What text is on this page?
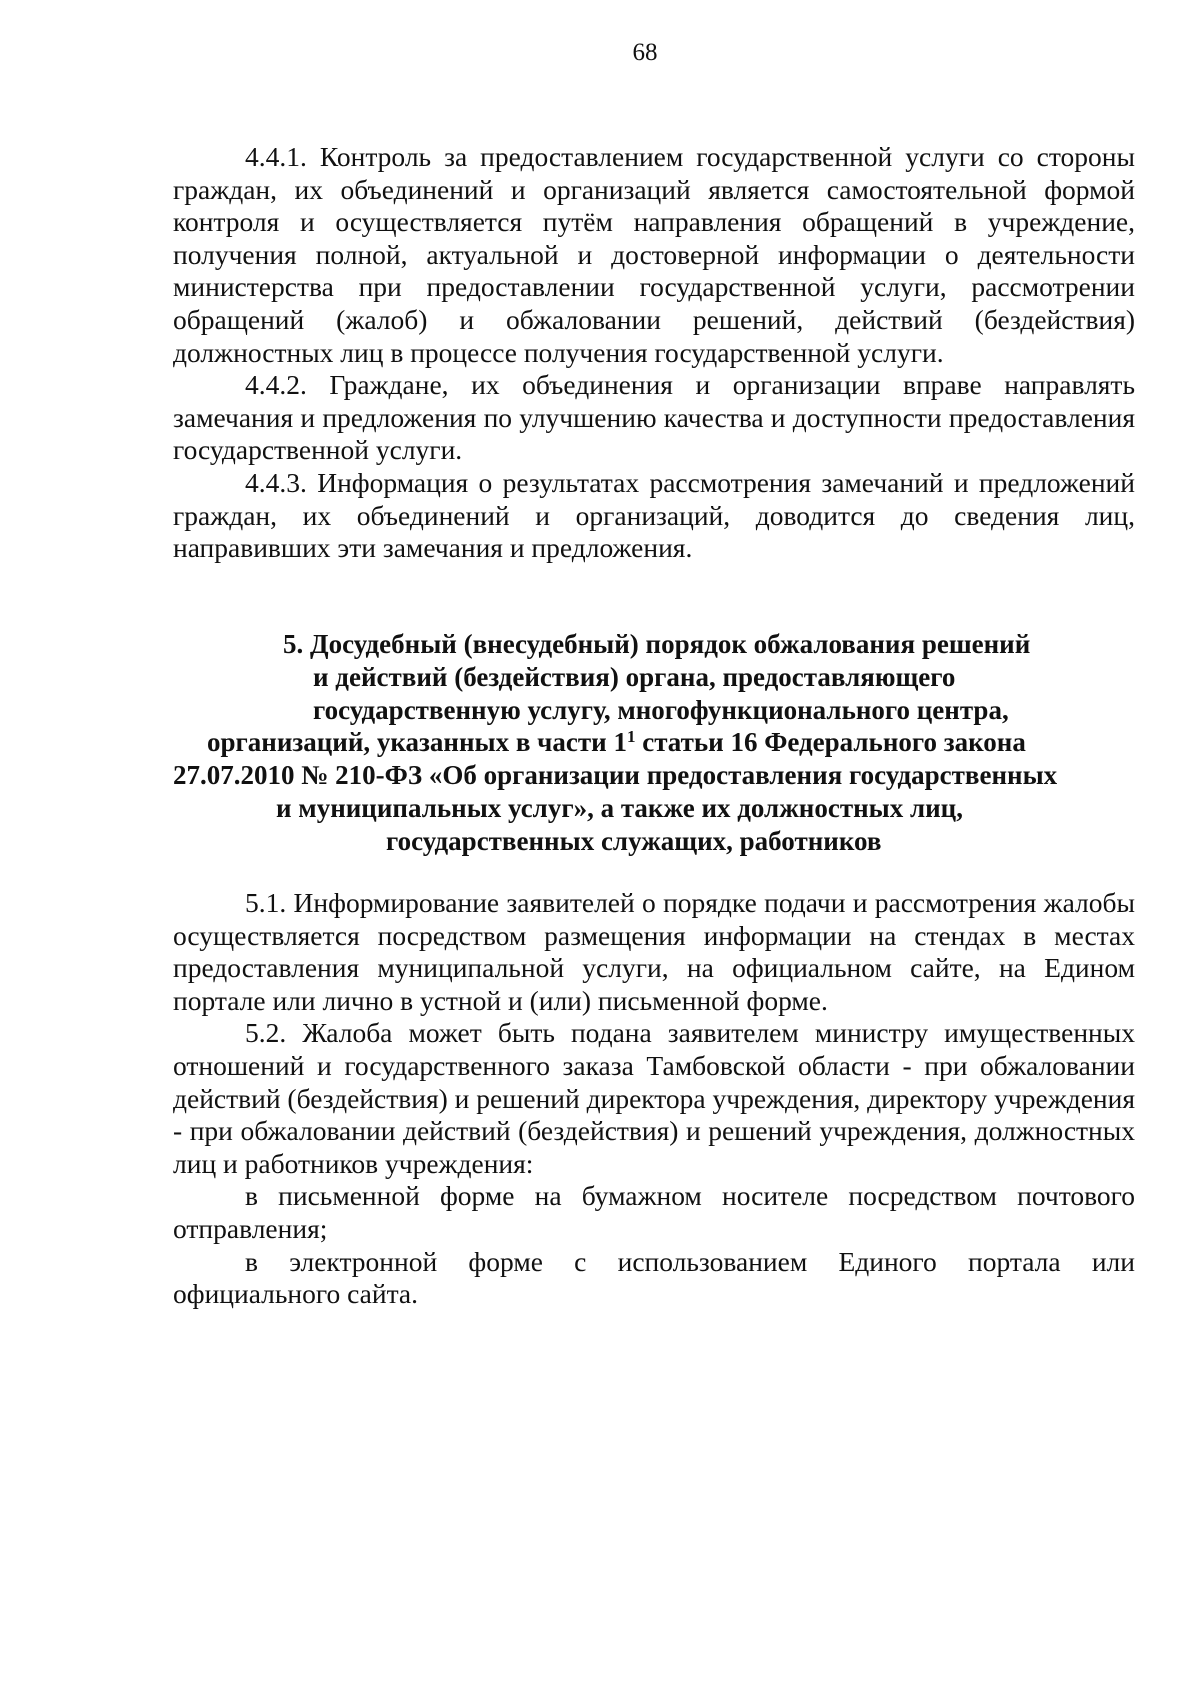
68

4.4.1. Контроль за предоставлением государственной услуги со стороны граждан, их объединений и организаций является самостоятельной формой контроля и осуществляется путём направления обращений в учреждение, получения полной, актуальной и достоверной информации о деятельности министерства при предоставлении государственной услуги, рассмотрении обращений (жалоб) и обжаловании решений, действий (бездействия) должностных лиц в процессе получения государственной услуги.

4.4.2. Граждане, их объединения и организации вправе направлять замечания и предложения по улучшению качества и доступности предоставления государственной услуги.

4.4.3. Информация о результатах рассмотрения замечаний и предложений граждан, их объединений и организаций, доводится до сведения лиц, направивших эти замечания и предложения.

5. Досудебный (внесудебный) порядок обжалования решений
и действий (бездействия) органа, предоставляющего
государственную услугу, многофункционального центра,
организаций, указанных в части $1^1$ статьи 16 Федерального закона
27.07.2010 № 210-ФЗ «Об организации предоставления государственных
и муниципальных услуг», а также их должностных лиц,
государственных служащих, работников

5.1. Информирование заявителей о порядке подачи и рассмотрения жалобы осуществляется посредством размещения информации на стендах в местах предоставления муниципальной услуги, на официальном сайте, на Едином портале или лично в устной и (или) письменной форме.

5.2. Жалоба может быть подана заявителем министру имущественных отношений и государственного заказа Тамбовской области - при обжаловании действий (бездействия) и решений директора учреждения, директору учреждения - при обжаловании действий (бездействия) и решений учреждения, должностных лиц и работников учреждения:

в письменной форме на бумажном носителе посредством почтового отправления;

в электронной форме с использованием Единого портала или официального сайта.
